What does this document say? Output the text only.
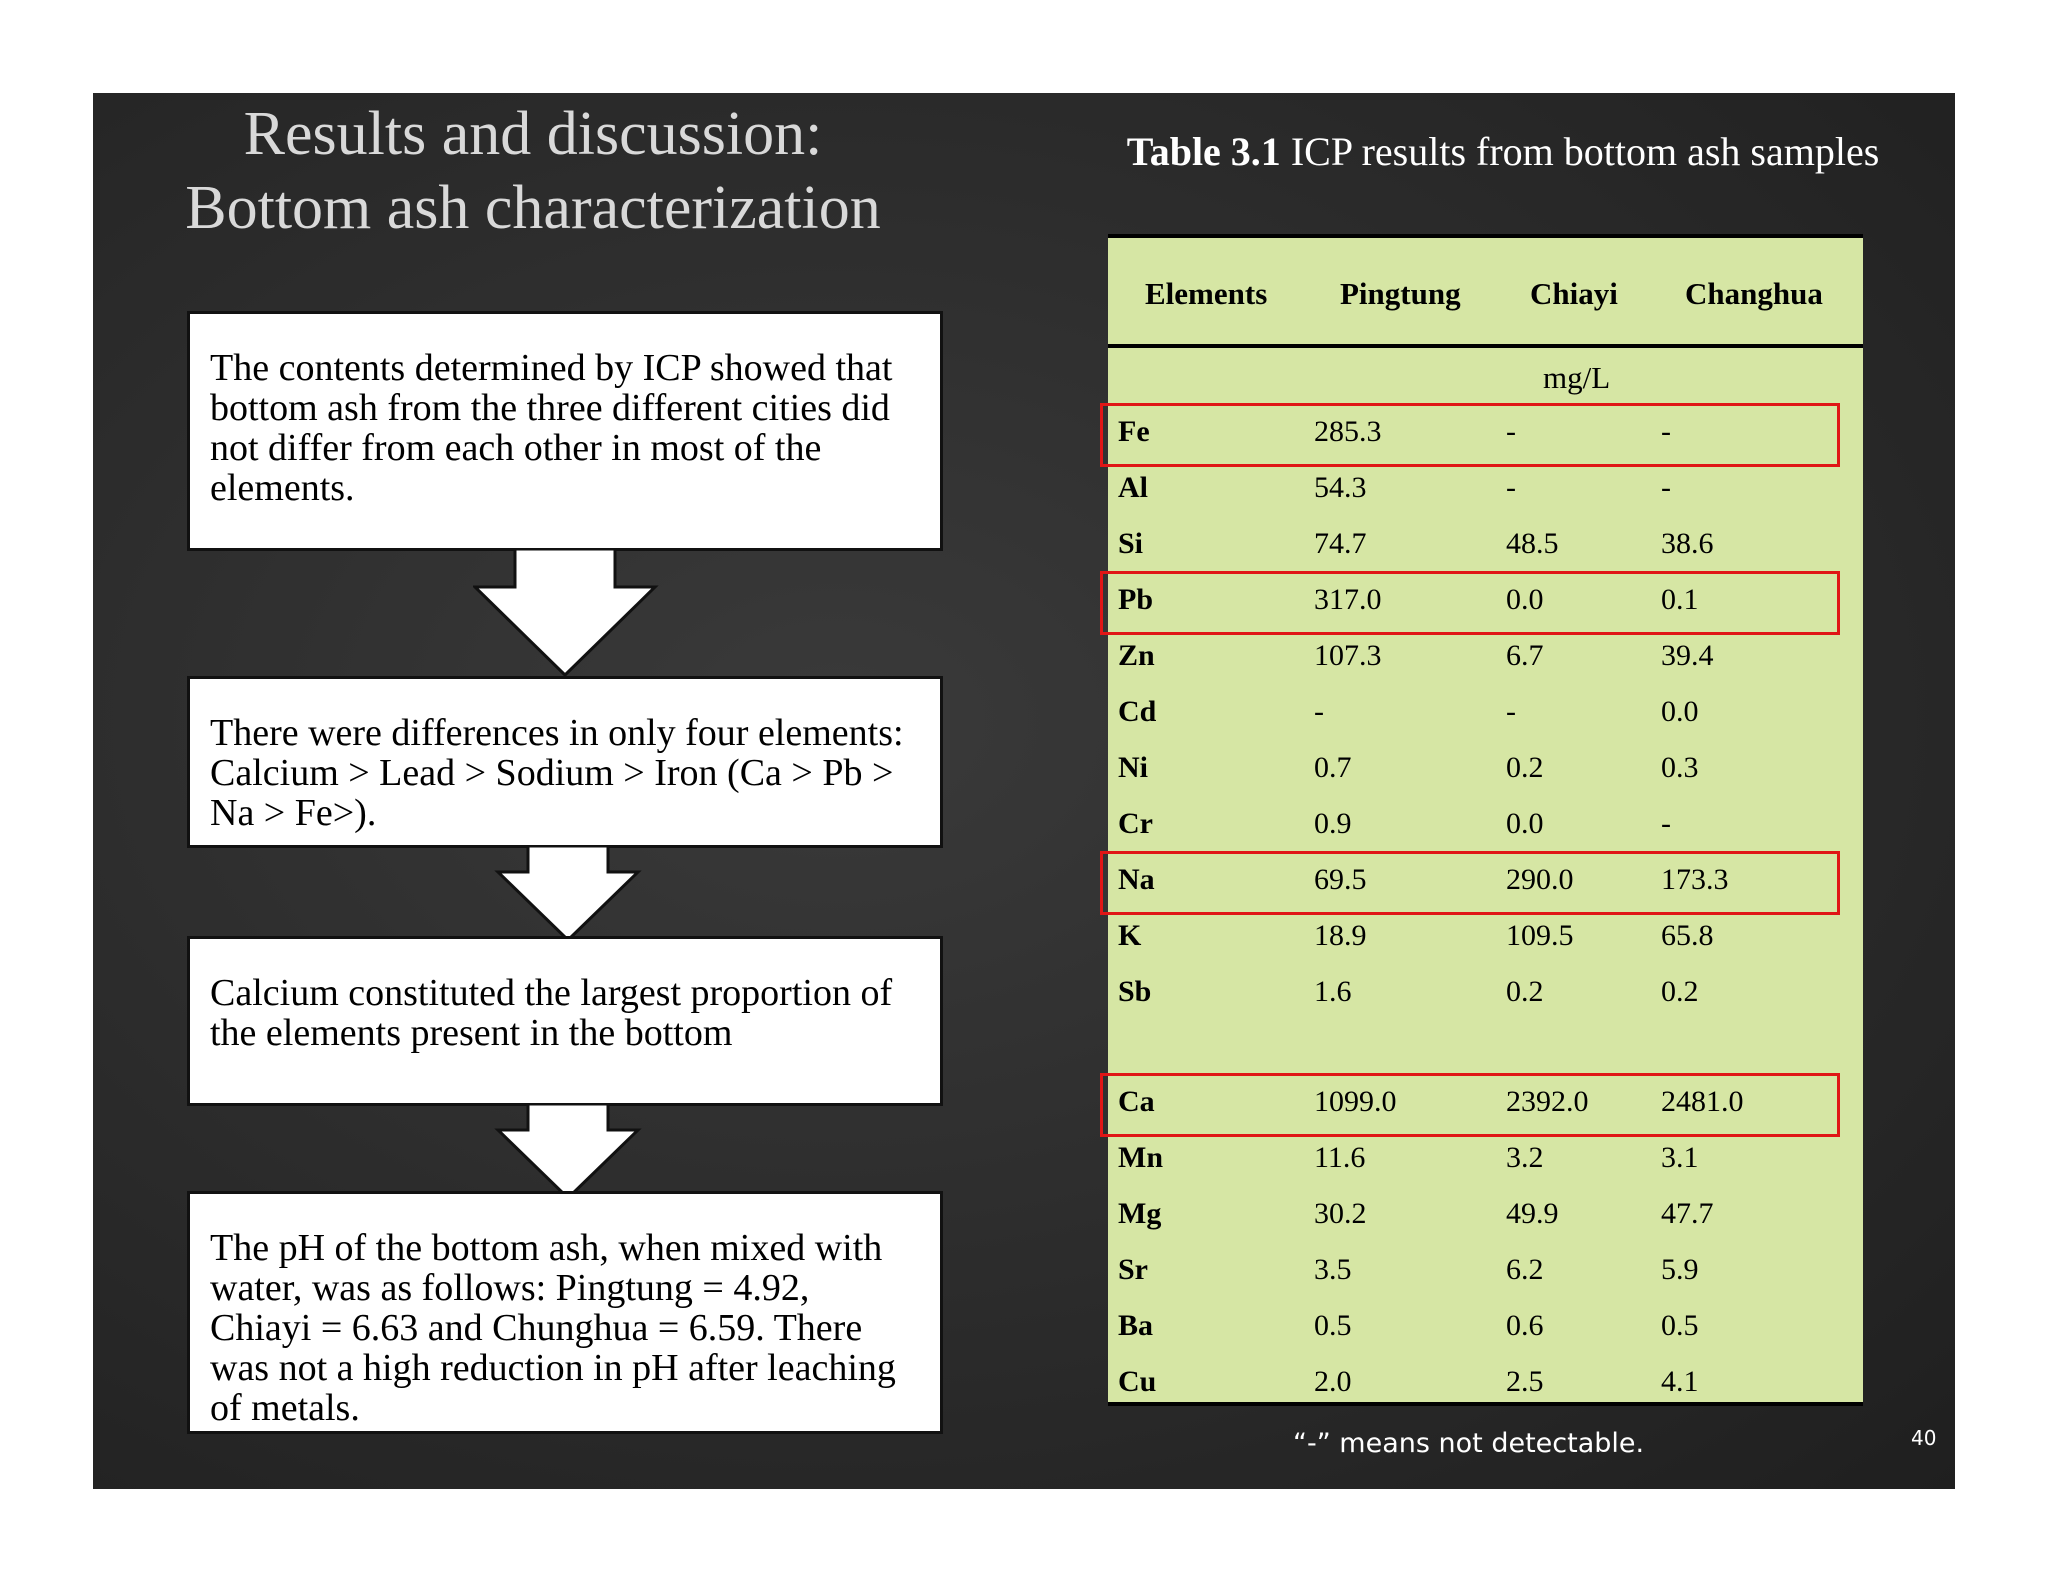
Results and discussion:
Bottom ash characterization
The contents determined by ICP showed that bottom ash from the three different cities did not differ from each other in most of the elements.
There were differences in only four elements: Calcium > Lead > Sodium > Iron (Ca > Pb > Na > Fe>).
Calcium constituted the largest proportion of the elements present in the bottom
The pH of the bottom ash, when mixed with water, was as follows: Pingtung = 4.92, Chiayi = 6.63 and Chunghua = 6.59. There was not a high reduction in pH after leaching of metals.
Table 3.1 ICP results from bottom ash samples
Elements Pingtung Chiayi Changhua
mg/L
Fe	285.3	-	-
Al	54.3	-	-
Si	74.7	48.5	38.6
Pb	317.0	0.0	0.1
Zn	107.3	6.7	39.4
Cd	-	-	0.0
Ni	0.7	0.2	0.3
Cr	0.9	0.0	-
Na	69.5	290.0	173.3
K	18.9	109.5	65.8
Sb	1.6	0.2	0.2
Ca	1099.0	2392.0 2481.0
Mn	11.6	3.2	3.1
Mg	30.2	49.9	47.7
Sr	3.5	6.2	5.9
Ba	0.5	0.6	0.5
Cu	2.0	2.5	4.1
“-” means not detectable.	40
